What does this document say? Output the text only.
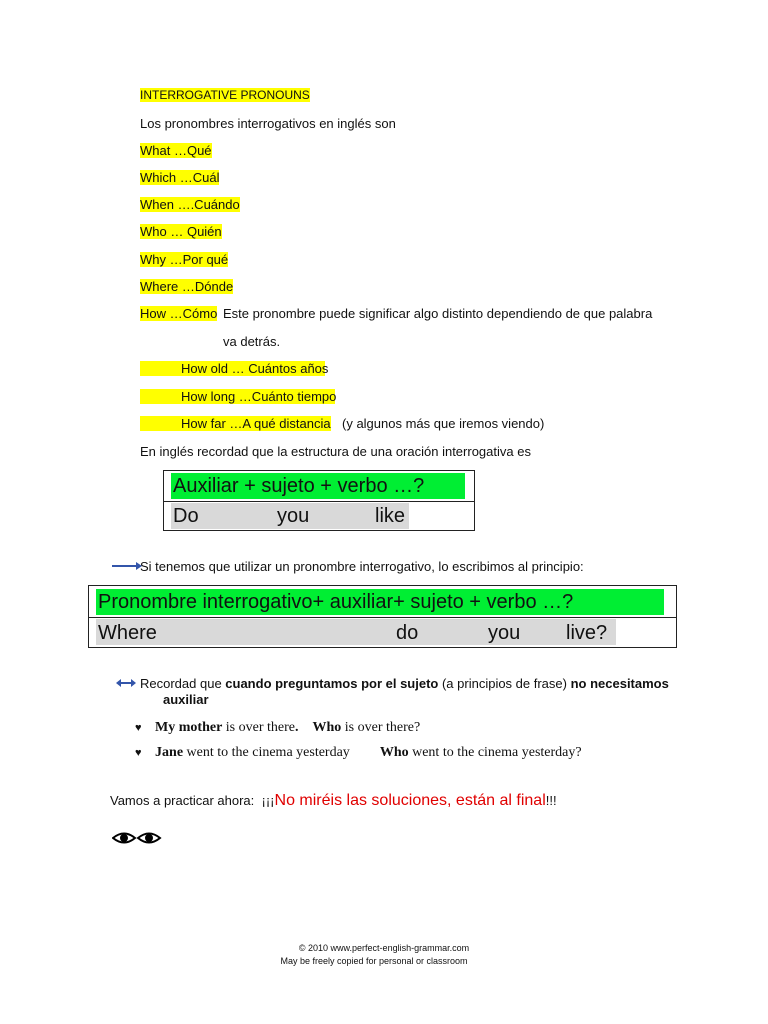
INTERROGATIVE PRONOUNS
Los pronombres interrogativos en inglés son
What …Qué
Which …Cuál
When ….Cuándo
Who … Quién
Why …Por qué
Where …Dónde
How …Cómo Este pronombre puede significar algo distinto dependiendo de que palabra
va detrás.
How old … Cuántos años
How long …Cuánto tiempo
How far …A qué distancia (y algunos más que iremos viendo)
En inglés recordad que la estructura de una oración interrogativa es
Auxiliar + sujeto + verbo …?
Do	you	like
Si tenemos que utilizar un pronombre interrogativo, lo escribimos al principio:
Pronombre interrogativo+ auxiliar+ sujeto + verbo …?
Where	do	you live?
Recordad que cuando preguntamos por el sujeto (a principios de frase) no necesitamos
auxiliar
♥ My mother is over there. Who is over there?
♥ Jane went to the cinema yesterday Who went to the cinema yesterday?
Vamos a practicar ahora: ¡¡¡No miréis las soluciones, están al final!!!
© 2010 www.perfect-english-grammar.com
May be freely copied for personal or classroom
